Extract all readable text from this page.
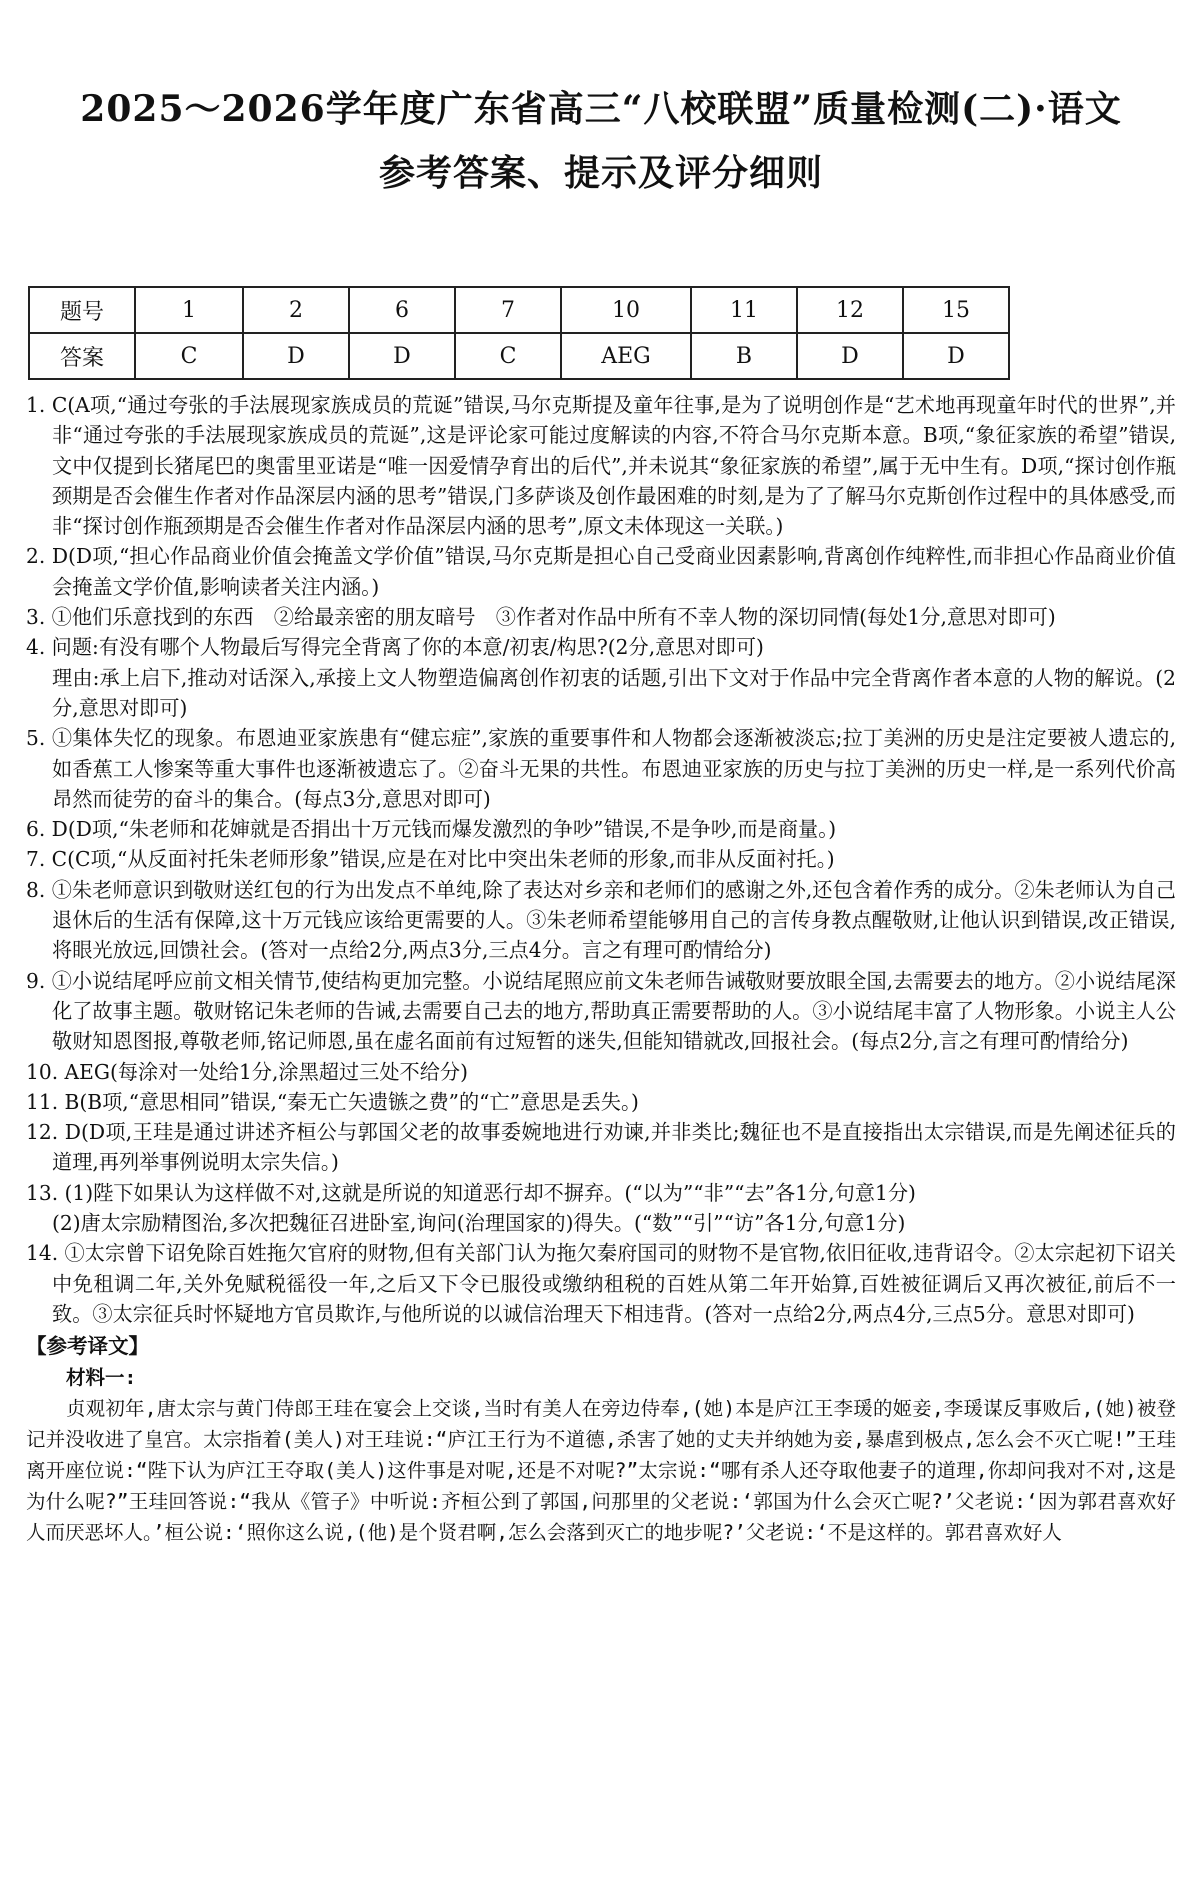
2025～2026学年度广东省高三“八校联盟”质量检测(二)·语文
参考答案、提示及评分细则
题号	1	2	6	7	10	11	12	15
答案	C	D	D	C	AEG	B	D	D

1. C(A项,“通过夸张的手法展现家族成员的荒诞”错误,马尔克斯提及童年往事,是为了说明创作是“艺术地再现童年时代的世界”,并非“通过夸张的手法展现家族成员的荒诞”,这是评论家可能过度解读的内容,不符合马尔克斯本意。B项,“象征家族的希望”错误,文中仅提到长猪尾巴的奥雷里亚诺是“唯一因爱情孕育出的后代”,并未说其“象征家族的希望”,属于无中生有。D项,“探讨创作瓶颈期是否会催生作者对作品深层内涵的思考”错误,门多萨谈及创作最困难的时刻,是为了了解马尔克斯创作过程中的具体感受,而非“探讨创作瓶颈期是否会催生作者对作品深层内涵的思考”,原文未体现这一关联。)

2. D(D项,“担心作品商业价值会掩盖文学价值”错误,马尔克斯是担心自己受商业因素影响,背离创作纯粹性,而非担心作品商业价值会掩盖文学价值,影响读者关注内涵。)

3. ①他们乐意找到的东西　②给最亲密的朋友暗号　③作者对作品中所有不幸人物的深切同情(每处1分,意思对即可)

4. 问题:有没有哪个人物最后写得完全背离了你的本意/初衷/构思?(2分,意思对即可)

理由:承上启下,推动对话深入,承接上文人物塑造偏离创作初衷的话题,引出下文对于作品中完全背离作者本意的人物的解说。(2分,意思对即可)

5. ①集体失忆的现象。布恩迪亚家族患有“健忘症”,家族的重要事件和人物都会逐渐被淡忘;拉丁美洲的历史是注定要被人遗忘的,如香蕉工人惨案等重大事件也逐渐被遗忘了。②奋斗无果的共性。布恩迪亚家族的历史与拉丁美洲的历史一样,是一系列代价高昂然而徒劳的奋斗的集合。(每点3分,意思对即可)

6. D(D项,“朱老师和花婶就是否捐出十万元钱而爆发激烈的争吵”错误,不是争吵,而是商量。)

7. C(C项,“从反面衬托朱老师形象”错误,应是在对比中突出朱老师的形象,而非从反面衬托。)

8. ①朱老师意识到敬财送红包的行为出发点不单纯,除了表达对乡亲和老师们的感谢之外,还包含着作秀的成分。②朱老师认为自己退休后的生活有保障,这十万元钱应该给更需要的人。③朱老师希望能够用自己的言传身教点醒敬财,让他认识到错误,改正错误,将眼光放远,回馈社会。(答对一点给2分,两点3分,三点4分。言之有理可酌情给分)

9. ①小说结尾呼应前文相关情节,使结构更加完整。小说结尾照应前文朱老师告诫敬财要放眼全国,去需要去的地方。②小说结尾深化了故事主题。敬财铭记朱老师的告诫,去需要自己去的地方,帮助真正需要帮助的人。③小说结尾丰富了人物形象。小说主人公敬财知恩图报,尊敬老师,铭记师恩,虽在虚名面前有过短暂的迷失,但能知错就改,回报社会。(每点2分,言之有理可酌情给分)

10. AEG(每涂对一处给1分,涂黑超过三处不给分)

11. B(B项,“意思相同”错误,“秦无亡矢遗镞之费”的“亡”意思是丢失。)

12. D(D项,王珪是通过讲述齐桓公与郭国父老的故事委婉地进行劝谏,并非类比;魏征也不是直接指出太宗错误,而是先阐述征兵的道理,再列举事例说明太宗失信。)

13. (1)陛下如果认为这样做不对,这就是所说的知道恶行却不摒弃。(“以为”“非”“去”各1分,句意1分)

(2)唐太宗励精图治,多次把魏征召进卧室,询问(治理国家的)得失。(“数”“引”“访”各1分,句意1分)

14. ①太宗曾下诏免除百姓拖欠官府的财物,但有关部门认为拖欠秦府国司的财物不是官物,依旧征收,违背诏令。②太宗起初下诏关中免租调二年,关外免赋税徭役一年,之后又下令已服役或缴纳租税的百姓从第二年开始算,百姓被征调后又再次被征,前后不一致。③太宗征兵时怀疑地方官员欺诈,与他所说的以诚信治理天下相违背。(答对一点给2分,两点4分,三点5分。意思对即可)

【参考译文】

材料一:

贞观初年,唐太宗与黄门侍郎王珪在宴会上交谈,当时有美人在旁边侍奉,(她)本是庐江王李瑗的姬妾,李瑗谋反事败后,(她)被登记并没收进了皇宫。太宗指着(美人)对王珪说:“庐江王行为不道德,杀害了她的丈夫并纳她为妾,暴虐到极点,怎么会不灭亡呢!”王珪离开座位说:“陛下认为庐江王夺取(美人)这件事是对呢,还是不对呢?”太宗说:“哪有杀人还夺取他妻子的道理,你却问我对不对,这是为什么呢?”王珪回答说:“我从《管子》中听说:齐桓公到了郭国,问那里的父老说:‘郭国为什么会灭亡呢?’父老说:‘因为郭君喜欢好人而厌恶坏人。’桓公说:‘照你这么说,(他)是个贤君啊,怎么会落到灭亡的地步呢?’父老说:‘不是这样的。郭君喜欢好人
